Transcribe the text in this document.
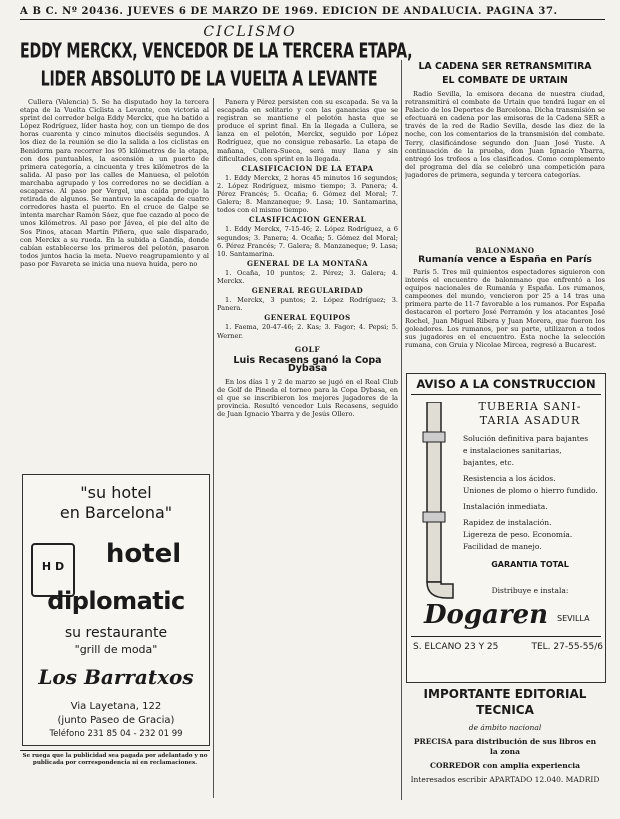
A B C. Nº 20436. JUEVES 6 DE MARZO DE 1969. EDICION DE ANDALUCIA. PAGINA 37.
CICLISMO
EDDY MERCKX, VENCEDOR DE LA TERCERA ETAPA,
LIDER ABSOLUTO DE LA VUELTA A LEVANTE

Cullera (Valencia) 5. Se ha disputado hoy la tercera etapa de la Vuelta Ciclista a Levante, con victoria al sprint del corredor belga Eddy Merckx, que ha batido a López Rodríguez, líder hasta hoy, con un tiempo de dos horas cuarenta y cinco minutos dieciséis segundos. A los diez de la reunión se dio la salida a los ciclistas en Benidorm para recorrer los 95 kilómetros de la etapa, con dos puntuables, la ascensión a un puerto de primera categoría, a cincuenta y tres kilómetros de la salida. Al paso por las calles de Manuesa, el pelotón marchaba agrupado y los corredores no se decidían a escaparse. Al paso por Vergel, una caída produjo la retirada de algunos. Se mantuvo la escapada de cuatro corredores hasta el puerto. En el cruce de Galpe se intenta marchar Ramón Sáez, que fue cazado al poco de unos kilómetros. Al paso por Jávea, el pie del alto de Sos Pinos, atacan Martín Piñera, que sale disparado, con Merckx a su rueda. En la subida a Gandía, donde cabían establecerse los primeros del pelotón, pasaron todos juntos hacia la meta. Nuevo reagrupamiento y al paso por Favareta se inicia una nueva huida, pero no

Panera y Pérez persisten con su escapada. Se va la escapada en solitario y con las ganancias que se registran se mantiene el pelotón hasta que se produce el sprint final. En la llegada a Cullera, se lanza en el pelotón, Merckx, seguido por López Rodríguez, que no consigue rebasarle. La etapa de mañana, Cullera-Sueca, será muy llana y sin dificultades, con sprint en la llegada.

CLASIFICACION DE LA ETAPA

1. Eddy Merckx, 2 horas 45 minutos 16 segundos; 2. López Rodríguez, mismo tiempo; 3. Panera; 4. Pérez Francés; 5. Ocaña; 6. Gómez del Moral; 7. Galera; 8. Manzaneque; 9. Lasa; 10. Santamarina, todos con el mismo tiempo.

CLASIFICACION GENERAL

1. Eddy Merckx, 7-15-46; 2. López Rodríguez, a 6 segundos; 3. Panera; 4. Ocaña; 5. Gómez del Moral; 6. Pérez Francés; 7. Galera; 8. Manzaneque; 9. Lasa; 10. Santamarina.

GENERAL DE LA MONTAÑA

1. Ocaña, 10 puntos; 2. Pérez; 3. Galera; 4. Merckx.

GENERAL REGULARIDAD

1. Merckx, 3 puntos; 2. López Rodríguez; 3. Panera.

GENERAL EQUIPOS

1. Faema, 20-47-46; 2. Kas; 3. Fagor; 4. Pepsi; 5. Werner.

GOLF
Luis Recasens ganó la Copa Dybasa

En los días 1 y 2 de marzo se jugó en el Real Club de Golf de Pineda el torneo para la Copa Dybasa, en el que se inscribieron los mejores jugadores de la provincia. Resultó vencedor Luis Recasens, seguido de Juan Ignacio Ybarra y de Jesús Ollero.

"su hotel
en Barcelona"
H D	hotel
diplomatic
su restaurante
"grill de moda"
Los Barratxos
Via Layetana, 122
(junto Paseo de Gracia)
Teléfono 231 85 04 - 232 01 99
Se ruega que la publicidad sea pagada por adelantado y no publicada por correspondencia ni en reclamaciones.
LA CADENA SER RETRANSMITIRA
EL COMBATE DE URTAIN

Radio Sevilla, la emisora decana de nuestra ciudad, retransmitirá el combate de Urtain que tendrá lugar en el Palacio de los Deportes de Barcelona. Dicha transmisión se efectuará en cadena por las emisoras de la Cadena SER a través de la red de Radio Sevilla, desde las diez de la noche, con los comentarios de la transmisión del combate. Terry, clasificándose segundo don Juan José Yuste. A continuación de la prueba, don Juan Ignacio Ybarra, entregó los trofeos a los clasificados. Como complemento del programa del día se celebró una competición para jugadores de primera, segunda y tercera categorías.

BALONMANO
Rumanía vence a España en París

París 5. Tres mil quinientos espectadores siguieron con interés el encuentro de balonmano que enfrentó a los equipos nacionales de Rumanía y España. Los rumanos, campeones del mundo, vencieron por 25 a 14 tras una primera parte de 11-7 favorable a los rumanos. Por España destacaron el portero José Perramón y los atacantes José Rochel, Juan Miguel Ribera y Juan Morera, que fueron los goleadores. Los rumanos, por su parte, utilizaron a todos sus jugadores en el encuentro. Esta noche la selección rumana, con Gruia y Nicolae Mircea, regresó a Bucarest.

AVISO A LA CONSTRUCCION
TUBERIA SANI-
TARIA ASADUR
Solución definitiva para bajantes
e instalaciones sanitarias,
bajantes, etc.
Resistencia a los ácidos.
Uniones de plomo o hierro fundido.
Instalación inmediata.
Rapidez de instalación.
Ligereza de peso. Economía.
Facilidad de manejo.
GARANTIA TOTAL
Distribuye e instala:
Dogaren	SEVILLA
S. ELCANO 23 Y 25	TEL. 27-55-55/6
IMPORTANTE EDITORIAL
TECNICA
de ámbito nacional
PRECISA para distribución de sus libros en la zona
CORREDOR con amplia experiencia
Interesados escribir APARTADO 12.040. MADRID
